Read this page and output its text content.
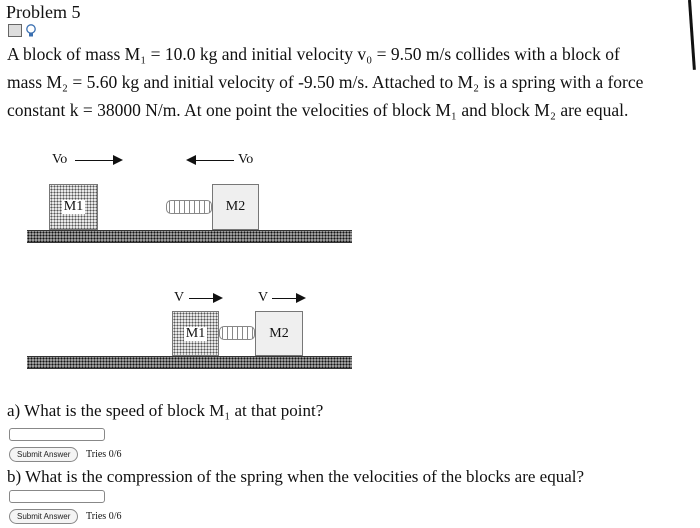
Problem 5
A block of mass M₁ = 10.0 kg and initial velocity v₀ = 9.50 m/s collides with a block of
mass M₂ = 5.60 kg and initial velocity of -9.50 m/s. Attached to M₂ is a spring with a force
constant k = 38000 N/m. At one point the velocities of block M₁ and block M₂ are equal.
Vo	Vo
M1	M2
V	V
M1	M2
a) What is the speed of block M₁ at that point?
Submit Answer	Tries 0/6
b) What is the compression of the spring when the velocities of the blocks are equal?
Submit Answer	Tries 0/6
